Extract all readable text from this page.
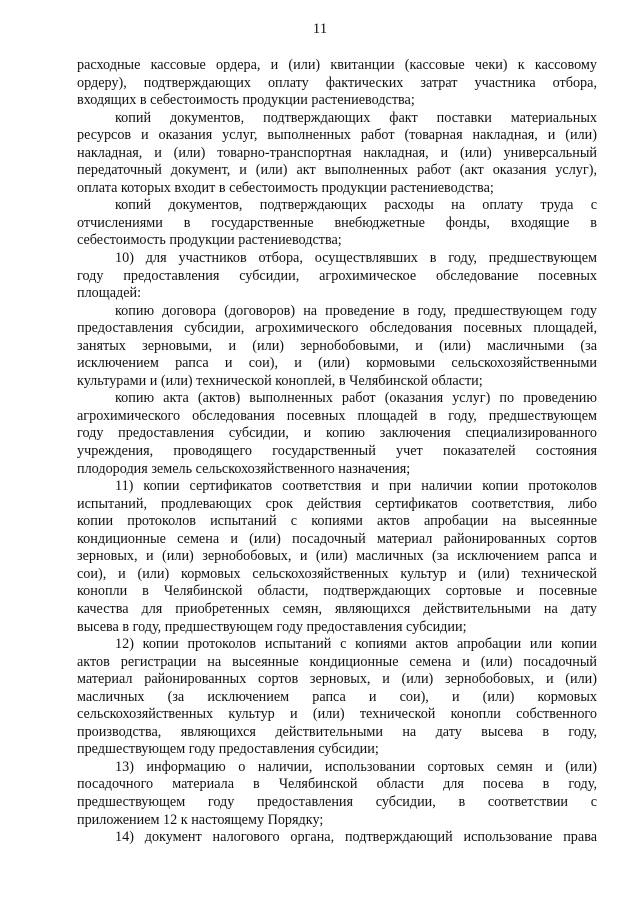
11
расходные кассовые ордера, и (или) квитанции (кассовые чеки) к кассовому
ордеру), подтверждающих оплату фактических затрат участника отбора,
входящих в себестоимость продукции растениеводства;
копий документов, подтверждающих факт поставки материальных
ресурсов и оказания услуг, выполненных работ (товарная накладная, и (или)
накладная, и (или) товарно-транспортная накладная, и (или) универсальный
передаточный документ, и (или) акт выполненных работ (акт оказания услуг),
оплата которых входит в себестоимость продукции растениеводства;
копий документов, подтверждающих расходы на оплату труда с
отчислениями в государственные внебюджетные фонды, входящие в
себестоимость продукции растениеводства;
10) для участников отбора, осуществлявших в году, предшествующем
году предоставления субсидии, агрохимическое обследование посевных
площадей:
копию договора (договоров) на проведение в году, предшествующем году
предоставления субсидии, агрохимического обследования посевных площадей,
занятых зерновыми, и (или) зернобобовыми, и (или) масличными (за
исключением рапса и сои), и (или) кормовыми сельскохозяйственными
культурами и (или) технической коноплей, в Челябинской области;
копию акта (актов) выполненных работ (оказания услуг) по проведению
агрохимического обследования посевных площадей в году, предшествующем
году предоставления субсидии, и копию заключения специализированного
учреждения, проводящего государственный учет показателей состояния
плодородия земель сельскохозяйственного назначения;
11) копии сертификатов соответствия и при наличии копии протоколов
испытаний, продлевающих срок действия сертификатов соответствия, либо
копии протоколов испытаний с копиями актов апробации на высеянные
кондиционные семена и (или) посадочный материал районированных сортов
зерновых, и (или) зернобобовых, и (или) масличных (за исключением рапса и
сои), и (или) кормовых сельскохозяйственных культур и (или) технической
конопли в Челябинской области, подтверждающих сортовые и посевные
качества для приобретенных семян, являющихся действительными на дату
высева в году, предшествующем году предоставления субсидии;
12) копии протоколов испытаний с копиями актов апробации или копии
актов регистрации на высеянные кондиционные семена и (или) посадочный
материал районированных сортов зерновых, и (или) зернобобовых, и (или)
масличных (за исключением рапса и сои), и (или) кормовых
сельскохозяйственных культур и (или) технической конопли собственного
производства, являющихся действительными на дату высева в году,
предшествующем году предоставления субсидии;
13) информацию о наличии, использовании сортовых семян и (или)
посадочного материала в Челябинской области для посева в году,
предшествующем году предоставления субсидии, в соответствии с
приложением 12 к настоящему Порядку;
14) документ налогового органа, подтверждающий использование права
